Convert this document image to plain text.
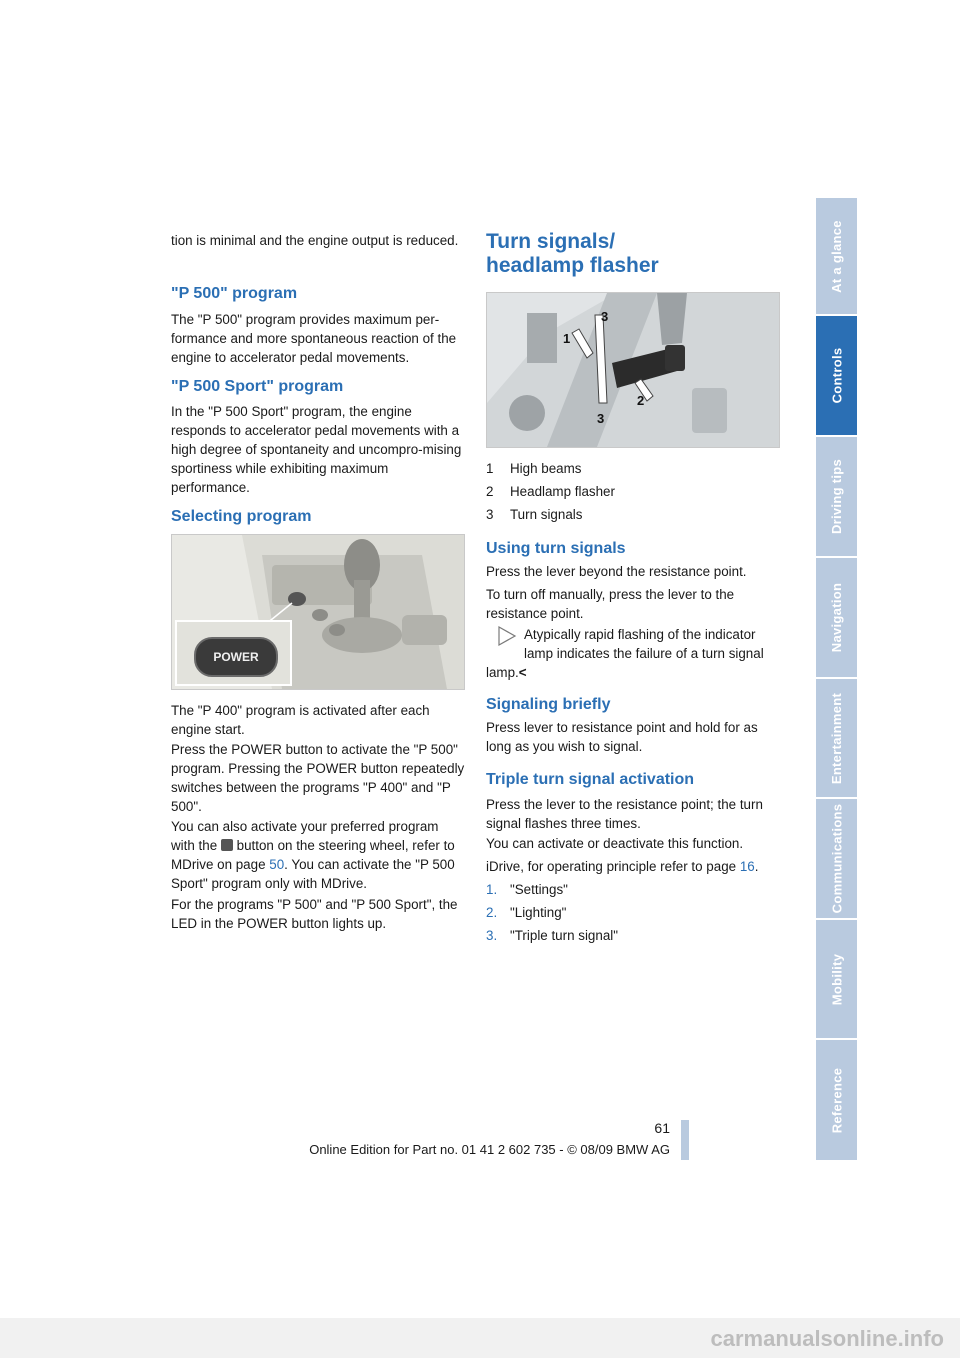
tion is minimal and the engine output is reduced.

"P 500" program

The "P 500" program provides maximum per-formance and more spontaneous reaction of the engine to accelerator pedal movements.

"P 500 Sport" program

In the "P 500 Sport" program, the engine responds to accelerator pedal movements with a high degree of spontaneity and uncompro-mising sportiness while exhibiting maximum performance.

Selecting program
POWER

The "P 400" program is activated after each engine start.

Press the POWER button to activate the "P 500" program. Pressing the POWER button repeatedly switches between the programs "P 400" and "P 500".

You can also activate your preferred program with the button on the steering wheel, refer to MDrive on page 50. You can activate the "P 500 Sport" program only with MDrive.

For the programs "P 500" and "P 500 Sport", the LED in the POWER button lights up.

Turn signals/
headlamp flasher
1
2
3
3

1 High beams

2 Headlamp flasher

3 Turn signals

Using turn signals

Press the lever beyond the resistance point.

To turn off manually, press the lever to the resistance point.

Atypically rapid flashing of the indicator lamp indicates the failure of a turn signal

lamp.<

Signaling briefly

Press lever to resistance point and hold for as long as you wish to signal.

Triple turn signal activation

Press the lever to the resistance point; the turn signal flashes three times.

You can activate or deactivate this function.

iDrive, for operating principle refer to page 16.

1. "Settings"

2. "Lighting"

3. "Triple turn signal"

At a glance
Controls
Driving tips
Navigation
Entertainment
Communications
Mobility
Reference
61
Online Edition for Part no. 01 41 2 602 735 - © 08/09 BMW AG
carmanualsonline.info
